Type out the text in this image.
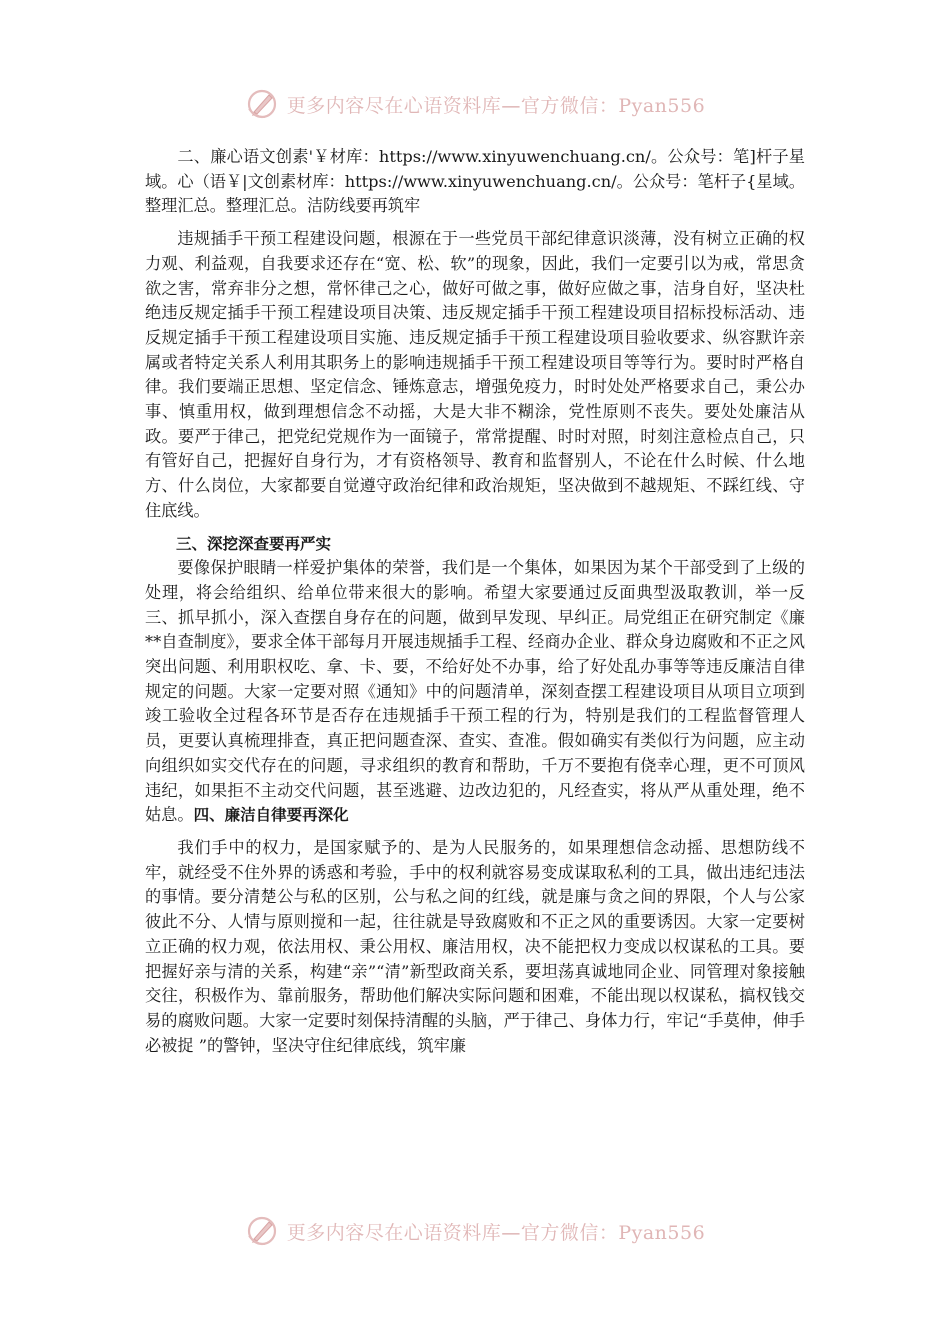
更多内容尽在心语资料库—官方微信：Pyan556

二、廉心语文创素'￥材库：https://www.xinyuwenchuang.cn/。公众号：笔]杆子星域。心（语￥|文创素材库：https://www.xinyuwenchuang.cn/。公众号：笔杆子{星域。整理汇总。整理汇总。洁防线要再筑牢

违规插手干预工程建设问题，根源在于一些党员干部纪律意识淡薄，没有树立正确的权力观、利益观，自我要求还存在“宽、松、软”的现象，因此，我们一定要引以为戒，常思贪欲之害，常弃非分之想，常怀律己之心，做好可做之事，做好应做之事，洁身自好，坚决杜绝违反规定插手干预工程建设项目决策、违反规定插手干预工程建设项目招标投标活动、违反规定插手干预工程建设项目实施、违反规定插手干预工程建设项目验收要求、纵容默许亲属或者特定关系人利用其职务上的影响违规插手干预工程建设项目等等行为。要时时严格自律。我们要端正思想、坚定信念、锤炼意志，增强免疫力，时时处处严格要求自己，秉公办事、慎重用权，做到理想信念不动摇，大是大非不糊涂，党性原则不丧失。要处处廉洁从政。要严于律己，把党纪党规作为一面镜子，常常提醒、时时对照，时刻注意检点自己，只有管好自己，把握好自身行为，才有资格领导、教育和监督别人，不论在什么时候、什么地方、什么岗位，大家都要自觉遵守政治纪律和政治规矩，坚决做到不越规矩、不踩红线、守住底线。

三、深挖深查要再严实

要像保护眼睛一样爱护集体的荣誉，我们是一个集体，如果因为某个干部受到了上级的处理，将会给组织、给单位带来很大的影响。希望大家要通过反面典型汲取教训，举一反三、抓早抓小，深入查摆自身存在的问题，做到早发现、早纠正。局党组正在研究制定《廉**自查制度》，要求全体干部每月开展违规插手工程、经商办企业、群众身边腐败和不正之风突出问题、利用职权吃、拿、卡、要，不给好处不办事，给了好处乱办事等等违反廉洁自律规定的问题。大家一定要对照《通知》中的问题清单，深刻查摆工程建设项目从项目立项到竣工验收全过程各环节是否存在违规插手干预工程的行为，特别是我们的工程监督管理人员，更要认真梳理排查，真正把问题查深、查实、查准。假如确实有类似行为问题，应主动向组织如实交代存在的问题，寻求组织的教育和帮助，千万不要抱有侥幸心理，更不可顶风违纪，如果拒不主动交代问题，甚至逃避、边改边犯的，凡经查实，将从严从重处理，绝不姑息。四、廉洁自律要再深化

我们手中的权力，是国家赋予的、是为人民服务的，如果理想信念动摇、思想防线不牢，就经受不住外界的诱惑和考验，手中的权利就容易变成谋取私利的工具，做出违纪违法的事情。要分清楚公与私的区别，公与私之间的红线，就是廉与贪之间的界限，个人与公家彼此不分、人情与原则搅和一起，往往就是导致腐败和不正之风的重要诱因。大家一定要树立正确的权力观，依法用权、秉公用权、廉洁用权，决不能把权力变成以权谋私的工具。要把握好亲与清的关系，构建“亲”“清”新型政商关系，要坦荡真诚地同企业、同管理对象接触交往，积极作为、靠前服务，帮助他们解决实际问题和困难，不能出现以权谋私，搞权钱交易的腐败问题。大家一定要时刻保持清醒的头脑，严于律己、身体力行，牢记“手莫伸，伸手必被捉 ”的警钟，坚决守住纪律底线，筑牢廉

更多内容尽在心语资料库—官方微信：Pyan556
